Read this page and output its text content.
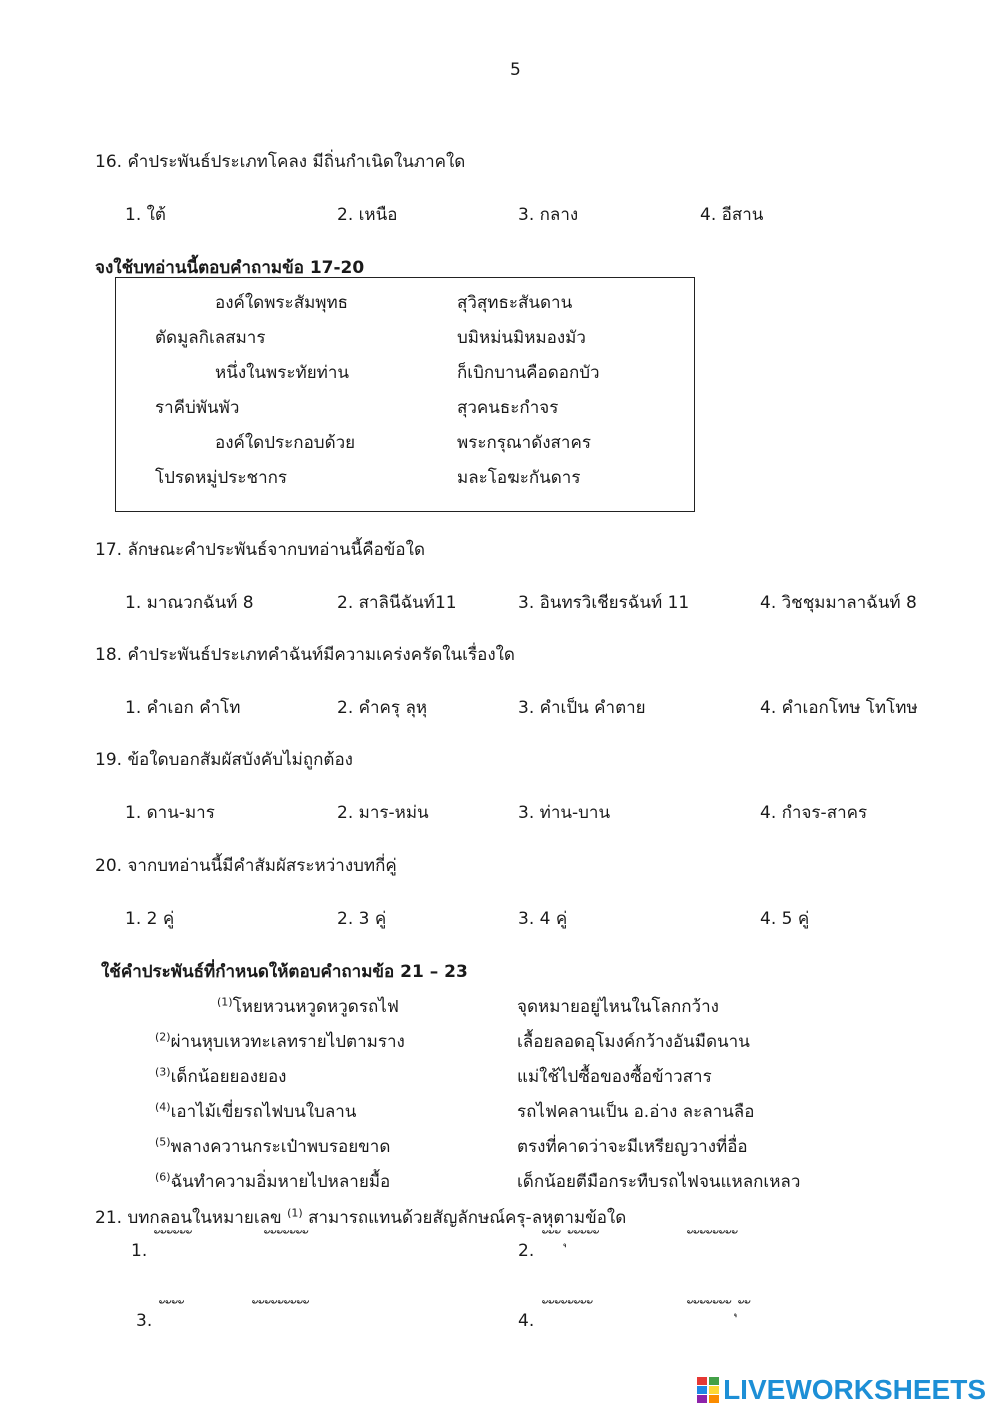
5
16. คำประพันธ์ประเภทโคลง มีถิ่นกำเนิดในภาคใด
1. ใต้	2. เหนือ	3. กลาง	4. อีสาน
จงใช้บทอ่านนี้ตอบคำถามข้อ 17-20
องค์ใดพระสัมพุทธ	สุวิสุทธะสันดาน
ตัดมูลกิเลสมาร	บมิหม่นมิหมองมัว
หนึ่งในพระทัยท่าน	ก็เบิกบานคือดอกบัว
ราคีบ่พันพัว	สุวคนธะกำจร
องค์ใดประกอบด้วย	พระกรุณาดังสาคร
โปรดหมู่ประชากร	มละโอฆะกันดาร
17. ลักษณะคำประพันธ์จากบทอ่านนี้คือข้อใด
1. มาณวกฉันท์ 8	2. สาลินีฉันท์11	3. อินทรวิเชียรฉันท์ 11	4. วิชชุมมาลาฉันท์ 8
18. คำประพันธ์ประเภทคำฉันท์มีความเคร่งครัดในเรื่องใด
1. คำเอก คำโท	2. คำครุ ลุหุ	3. คำเป็น คำตาย	4. คำเอกโทษ โทโทษ
19. ข้อใดบอกสัมผัสบังคับไม่ถูกต้อง
1. ดาน-มาร	2. มาร-หม่น	3. ท่าน-บาน	4. กำจร-สาคร
20. จากบทอ่านนี้มีคำสัมผัสระหว่างบทกี่คู่
1. 2 คู่	2. 3 คู่	3. 4 คู่	4. 5 คู่
ใช้คำประพันธ์ที่กำหนดให้ตอบคำถามข้อ 21 – 23
$^{(1)}$โหยหวนหวูดหวูดรถไฟ	จุดหมายอยู่ไหนในโลกกว้าง
$^{(2)}$ผ่านหุบเหวทะเลทรายไปตามราง	เลื้อยลอดอุโมงค์กว้างอันมืดนาน
$^{(3)}$เด็กน้อยยองยอง	แม่ใช้ไปซื้อของซื้อข้าวสาร
$^{(4)}$เอาไม้เขี่ยรถไฟบนใบลาน	รถไฟคลานเป็น อ.อ่าง ละลานลือ
$^{(5)}$พลางควานกระเป๋าพบรอยขาด	ตรงที่คาดว่าจะมีเหรียญวางที่อื่อ
$^{(6)}$ฉันทำความอิ่มหายไปหลายมื้อ	เด็กน้อยตีมือกระทืบรถไฟจนแหลกเหลว
21. บทกลอนในหมายเลข $^{(1)}$ สามารถแทนด้วยสัญลักษณ์ครุ-ลหุตามข้อใด
1.
ั ั ั ั ั ั	ั ั ั ั ั ั ั
2.
ั ั ั ุ ั ั ั ั ั	ั ั ั ั ั ั ั ั
3.
ั ั ั ั	ั ั ั ั ั ั ั ั ั
4.
ั ั ั ั ั ั ั ั	ั ั ั ั ั ั ั ุ ั ั
LIVEWORKSHEETS
